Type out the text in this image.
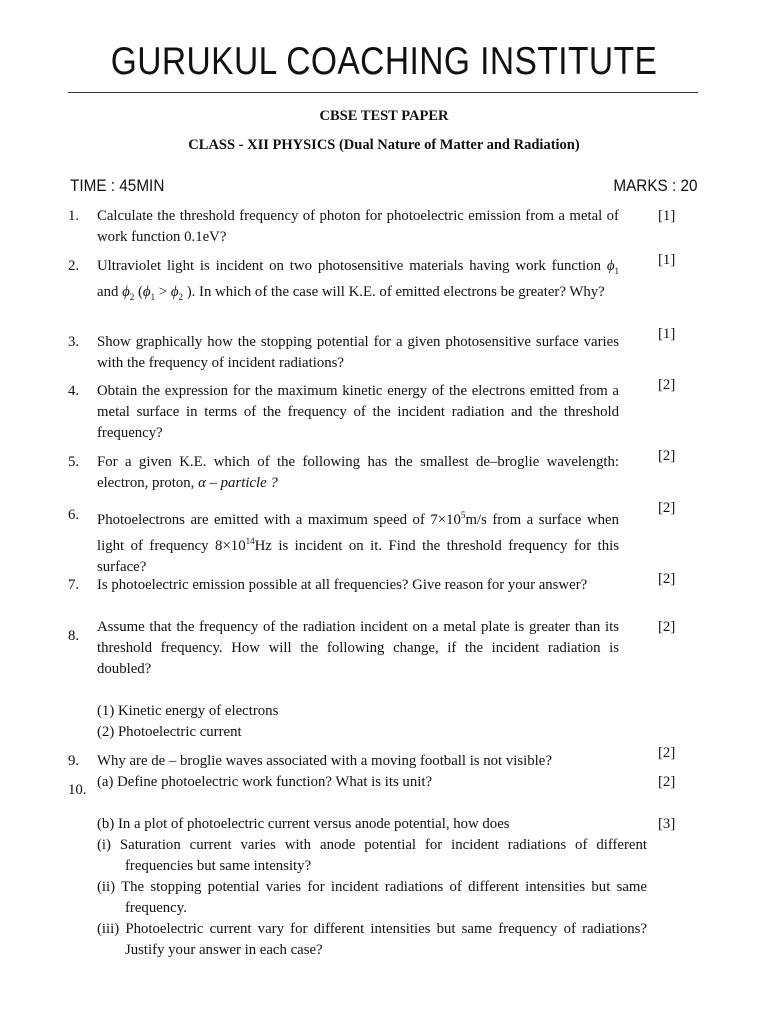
GURUKUL COACHING INSTITUTE
CBSE TEST PAPER
CLASS - XII PHYSICS (Dual Nature of Matter and Radiation)
TIME : 45MIN	MARKS : 20
1. Calculate the threshold frequency of photon for photoelectric emission from a metal of work function 0.1eV?
[1]
2. Ultraviolet light is incident on two photosensitive materials having work function $\phi_1$ and $\phi_2$ ($\phi_1 > \phi_2$ ). In which of the case will K.E. of emitted electrons be greater? Why?
[1]
3. Show graphically how the stopping potential for a given photosensitive surface varies with the frequency of incident radiations?
[1]
4. Obtain the expression for the maximum kinetic energy of the electrons emitted from a metal surface in terms of the frequency of the incident radiation and the threshold frequency?
[2]
5. For a given K.E. which of the following has the smallest de–broglie wavelength: electron, proton, α – particle ?
[2]
6. Photoelectrons are emitted with a maximum speed of $7\times 10^5m/s$ from a surface when light of frequency $8\times 10^{14}Hz$ is incident on it. Find the threshold frequency for this surface?
[2]
7. Is photoelectric emission possible at all frequencies? Give reason for your answer?	[2]
8.
Assume that the frequency of the radiation incident on a metal plate is greater than its threshold frequency. How will the following change, if the incident radiation is doubled?
[2]
(1) Kinetic energy of electrons
(2) Photoelectric current
9. Why are de – broglie waves associated with a moving football is not visible?	[2]
10. (a) Define photoelectric work function? What is its unit?	[2]
(b) In a plot of photoelectric current versus anode potential, how does	[3]
(i) Saturation current varies with anode potential for incident radiations of different frequencies but same intensity?
(ii) The stopping potential varies for incident radiations of different intensities but same frequency.
(iii) Photoelectric current vary for different intensities but same frequency of radiations? Justify your answer in each case?
